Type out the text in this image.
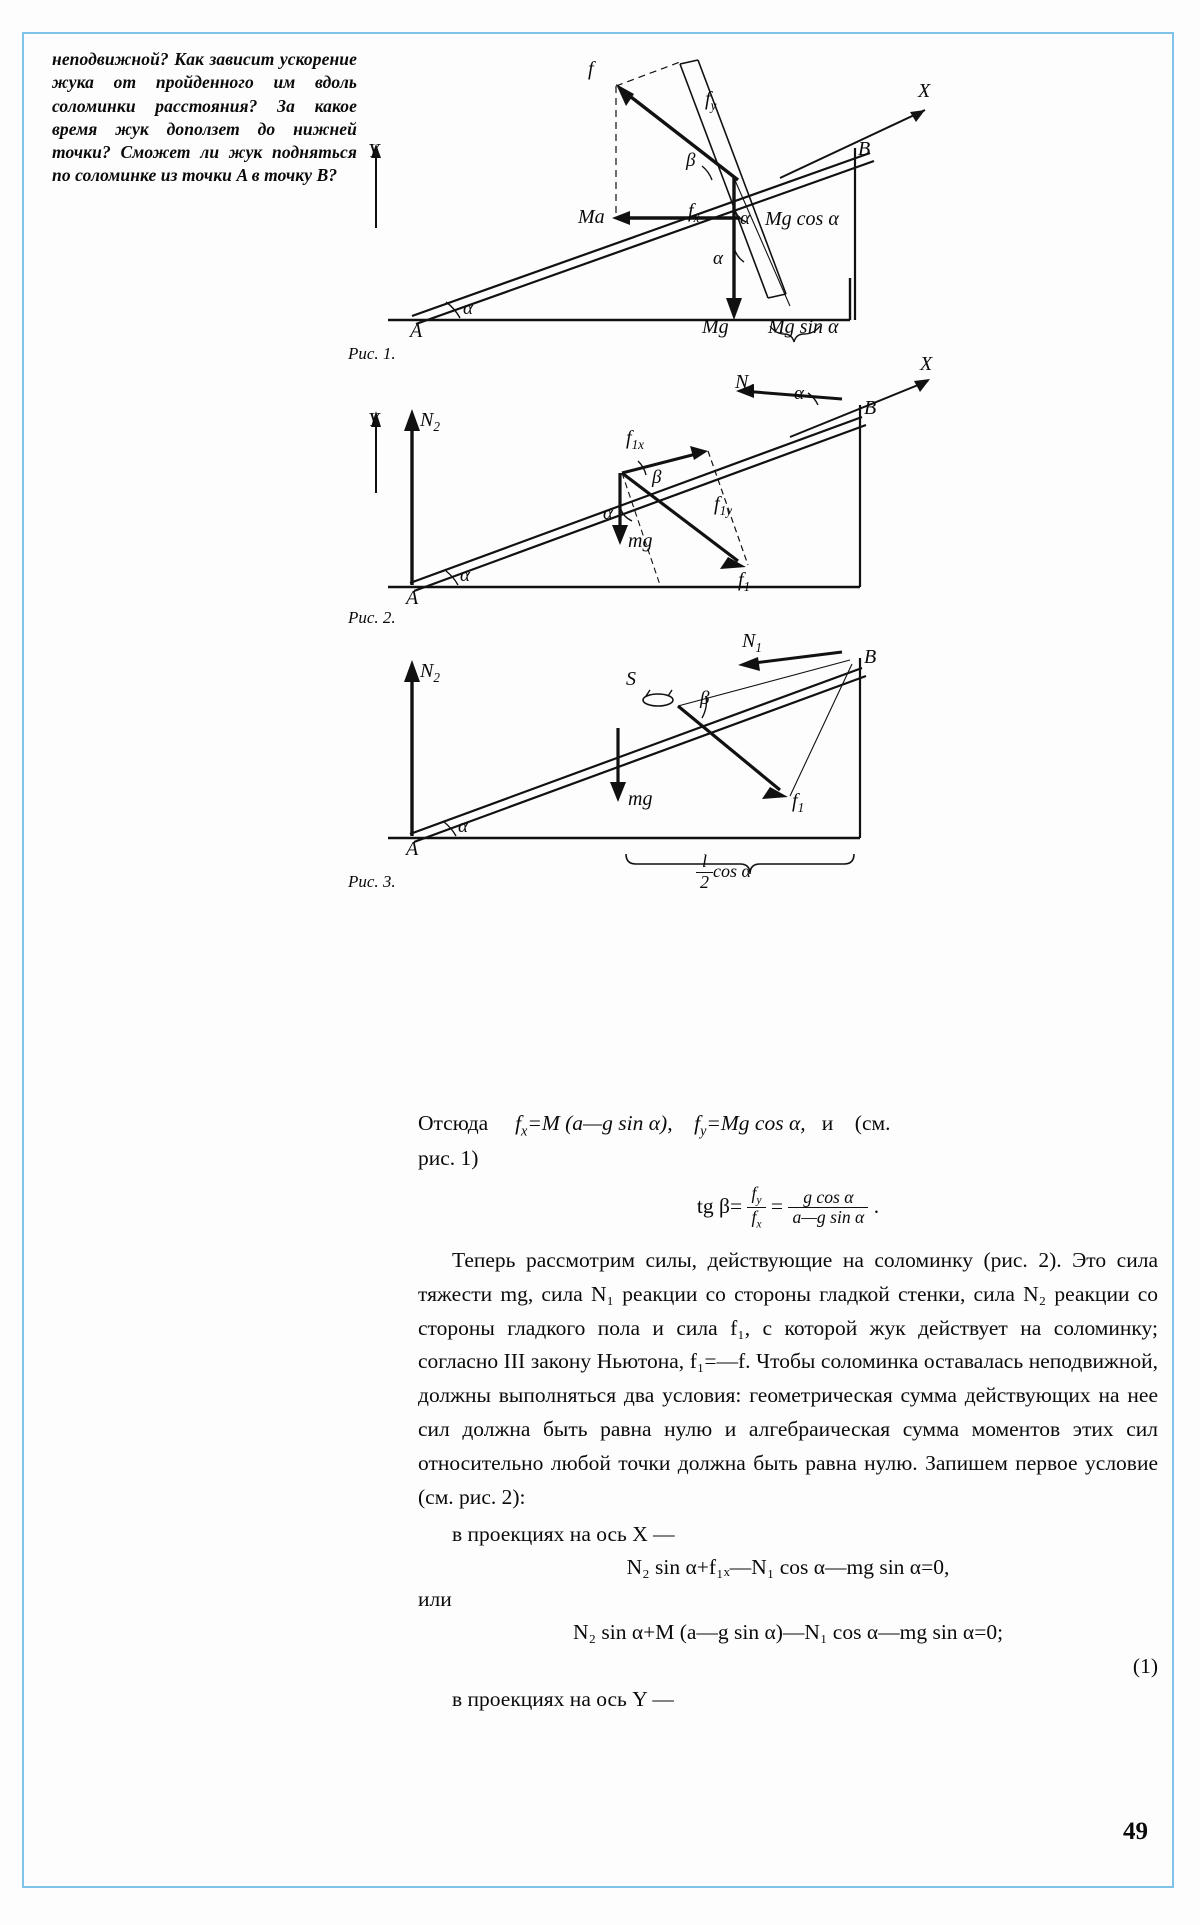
неподвижной? Как зависит ускорение жука от пройденного им вдоль соломинки расстояния? За какое время жук доползет до нижней точки? Сможет ли жук подняться по соломинке из точки A в точку B?
f
$f_y$
$f_x$
Ma
Mg Mg sin α
Mg cos α
Y
X
A
B
α
β
α
α
Рис. 1.
$N_2$
$N_1$
$f_{1x}$
$f_{1y}$
$f_1$
mg
Y
X
A
B
α
α
β
α
Рис. 2.
$N_2$
$N_1$
S
mg	$f_1$
A
B
α
β
$\frac{l}{2}$ cos α
Рис. 3.

Отсюда $f_x=M$ (a—g sin α), $f_y=Mg$ cos α, и (см.

рис. 1)

tg $\beta= \frac{f_y}{f_x} = \frac{\text{g cos α}}{\text{a—g sin α}}$ .

Теперь рассмотрим силы, действующие на соломинку (рис. 2). Это сила тяжести mg, сила N₁ реакции со стороны гладкой стенки, сила N₂ реакции со стороны гладкого пола и сила f₁, с которой жук действует на соломинку; согласно III закону Ньютона, f₁=—f. Чтобы соломинка оставалась неподвижной, должны выполняться два условия: геометрическая сумма действующих на нее сил должна быть равна нулю и алгебраическая сумма моментов этих сил относительно любой точки должна быть равна нулю. Запишем первое условие (см. рис. 2):

в проекциях на ось X —

N₂ sin α+f₁ₓ—N₁ cos α—mg sin α=0,

или

N₂ sin α+M (a—g sin α)—N₁ cos α—mg sin α=0;

(1)

в проекциях на ось Y —

49
